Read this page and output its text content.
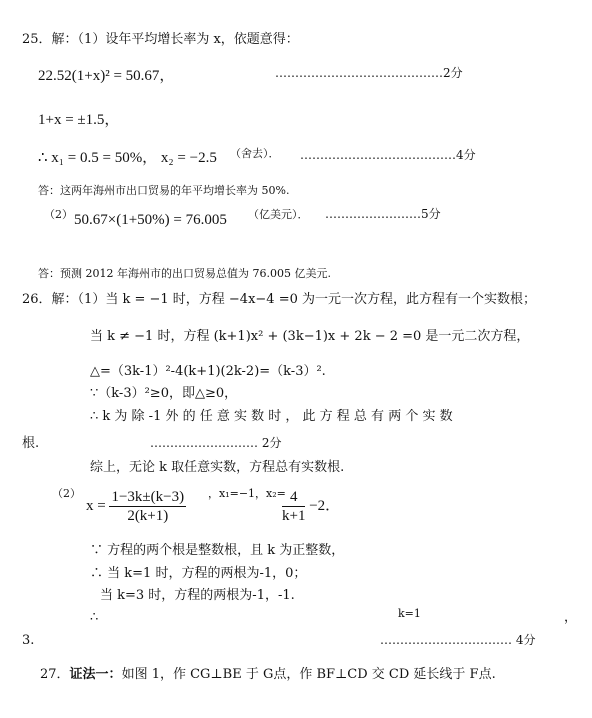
25．解：（1）设年平均增长率为 x，依题意得：
22.52(1+x)² = 50.67，	……………………………………2分
1+x = ±1.5，
∴ x₁ = 0.5 = 50%， x₂ = −2.5 （舍去）． …………………………………4分
答：这两年海州市出口贸易的年平均增长率为 50%.
（2） 50.67×(1+50%) = 76.005 （亿美元）． ……………………5分
答：预测 2012 年海州市的出口贸易总值为 76.005 亿美元.
26．解：（1）当 k = −1 时，方程 −4x−4 =0 为一元一次方程，此方程有一个实数根；
当 k ≠ −1 时，方程 (k+1)x² + (3k−1)x + 2k − 2 =0 是一元二次方程，
△=（3k-1）²-4(k+1)(2k-2)=（k-3）².
∵（k-3）²≥0，即△≥0，
∴ k 为 除 -1 外 的 任 意 实 数 时 ， 此 方 程 总 有 两 个 实 数
根.	……………………… 2分
综上，无论 k 取任意实数，方程总有实数根.
（2）
$x = \frac{1-3k\pm(k-3)}{2(k+1)}$ ，x₁=−1，x₂=
$\frac{4}{k+1} -2$．
∵ 方程的两个根是整数根，且 k 为正整数，
∴ 当 k=1 时，方程的两根为-1，0；
当 k=3 时，方程的两根为-1，-1.
∴	k=1	，
3.	…………………………… 4分
27．证法一：如图 1，作 CG⊥BE 于 G点，作 BF⊥CD 交 CD 延长线于 F点.
